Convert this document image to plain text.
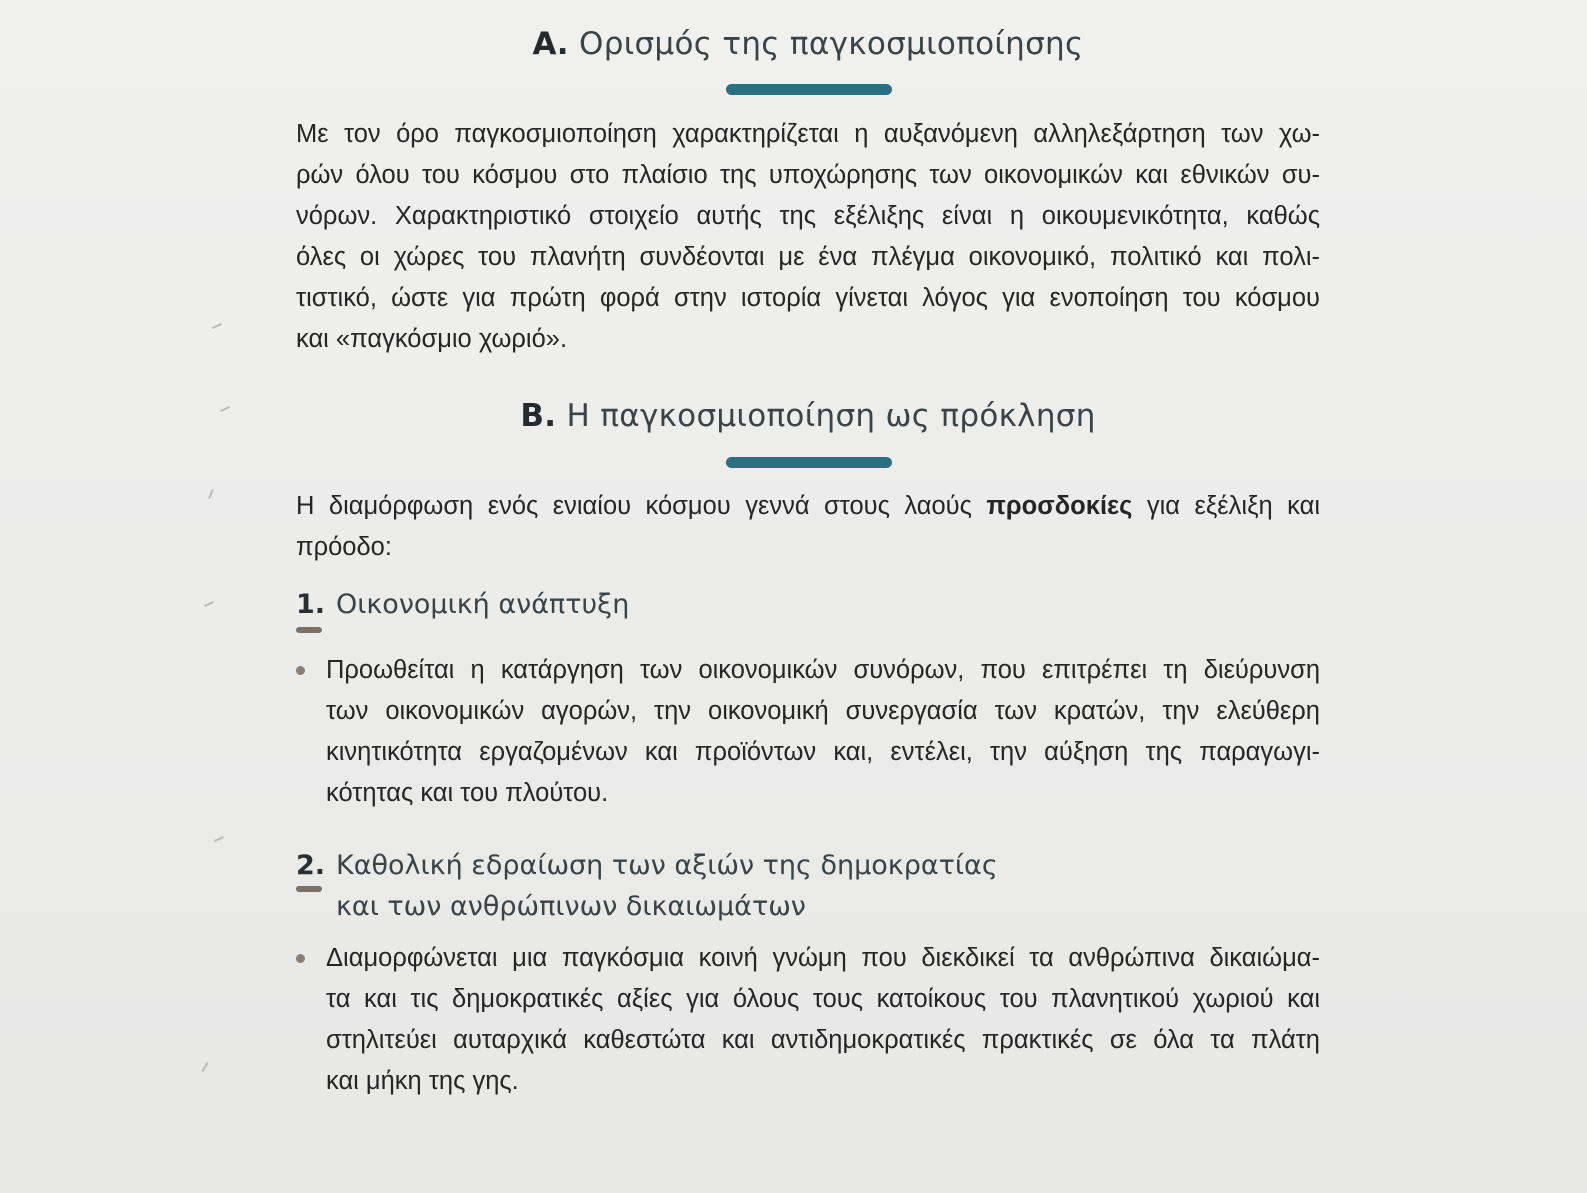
Α. Ορισμός της παγκοσμιοποίησης
Με τον όρο παγκοσμιοποίηση χαρακτηρίζεται η αυξανόμενη αλληλεξάρτηση των χω-
ρών όλου του κόσμου στο πλαίσιο της υποχώρησης των οικονομικών και εθνικών συ-
νόρων. Χαρακτηριστικό στοιχείο αυτής της εξέλιξης είναι η οικουμενικότητα, καθώς
όλες οι χώρες του πλανήτη συνδέονται με ένα πλέγμα οικονομικό, πολιτικό και πολι-
τιστικό, ώστε για πρώτη φορά στην ιστορία γίνεται λόγος για ενοποίηση του κόσμου
και «παγκόσμιο χωριό».
Β. Η παγκοσμιοποίηση ως πρόκληση
Η διαμόρφωση ενός ενιαίου κόσμου γεννά στους λαούς προσδοκίες για εξέλιξη και
πρόοδο:
1. Οικονομική ανάπτυξη
Προωθείται η κατάργηση των οικονομικών συνόρων, που επιτρέπει τη διεύρυνση
των οικονομικών αγορών, την οικονομική συνεργασία των κρατών, την ελεύθερη
κινητικότητα εργαζομένων και προϊόντων και, εντέλει, την αύξηση της παραγωγι-
κότητας και του πλούτου.
2. Καθολική εδραίωση των αξιών της δημοκρατίας
και των ανθρώπινων δικαιωμάτων
Διαμορφώνεται μια παγκόσμια κοινή γνώμη που διεκδικεί τα ανθρώπινα δικαιώμα-
τα και τις δημοκρατικές αξίες για όλους τους κατοίκους του πλανητικού χωριού και
στηλιτεύει αυταρχικά καθεστώτα και αντιδημοκρατικές πρακτικές σε όλα τα πλάτη
και μήκη της γης.
